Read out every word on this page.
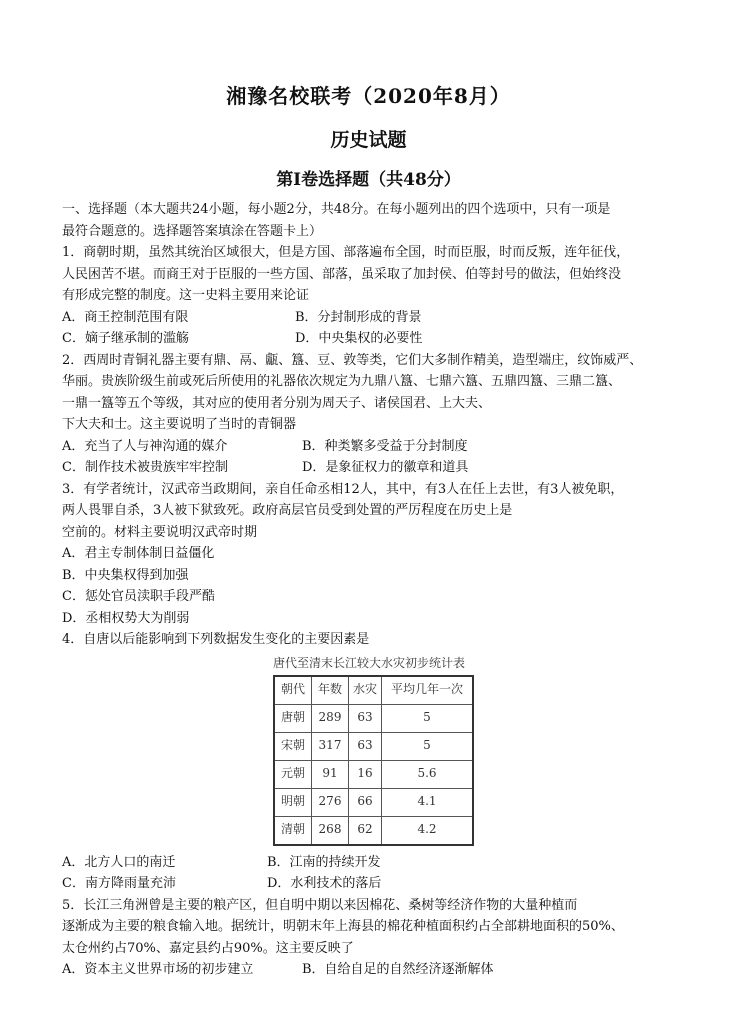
湘豫名校联考（2020年8月）
历史试题
第Ⅰ卷选择题（共48分）
一、选择题（本大题共24小题，每小题2分，共48分。在每小题列出的四个选项中，只有一项是
最符合题意的。选择题答案填涂在答题卡上）
1．商朝时期，虽然其统治区域很大，但是方国、部落遍布全国，时而臣服，时而反叛，连年征伐，
人民困苦不堪。而商王对于臣服的一些方国、部落，虽采取了加封侯、伯等封号的做法，但始终没
有形成完整的制度。这一史料主要用来论证
A．商王控制范围有限	B．分封制形成的背景
C．嫡子继承制的滥觞	D．中央集权的必要性
2．西周时青铜礼器主要有鼎、鬲、甗、簋、豆、敦等类，它们大多制作精美，造型端庄，纹饰威严、
华丽。贵族阶级生前或死后所使用的礼器依次规定为九鼎八簋、七鼎六簋、五鼎四簋、三鼎二簋、
一鼎一簋等五个等级，其对应的使用者分别为周天子、诸侯国君、上大夫、
下大夫和士。这主要说明了当时的青铜器
A．充当了人与神沟通的媒介	B．种类繁多受益于分封制度
C．制作技术被贵族牢牢控制	D．是象征权力的徽章和道具
3．有学者统计，汉武帝当政期间，亲自任命丞相12人，其中，有3人在任上去世，有3人被免职，
两人畏罪自杀，3人被下狱致死。政府高层官员受到处置的严厉程度在历史上是
空前的。材料主要说明汉武帝时期
A．君主专制体制日益僵化
B．中央集权得到加强
C．惩处官员渎职手段严酷
D．丞相权势大为削弱
4．自唐以后能影响到下列数据发生变化的主要因素是
唐代至清末长江较大水灾初步统计表
朝代	年数	水灾	平均几年一次
唐朝	289	63	5
宋朝	317	63	5
元朝	91	16	5.6
明朝	276	66	4.1
清朝	268	62	4.2
A．北方人口的南迁	B．江南的持续开发
C．南方降雨量充沛	D．水利技术的落后
5．长江三角洲曾是主要的粮产区，但自明中期以来因棉花、桑树等经济作物的大量种植而
逐渐成为主要的粮食输入地。据统计，明朝末年上海县的棉花种植面积约占全部耕地面积的50%、
太仓州约占70%、嘉定县约占90%。这主要反映了
A．资本主义世界市场的初步建立	B．自给自足的自然经济逐渐解体
